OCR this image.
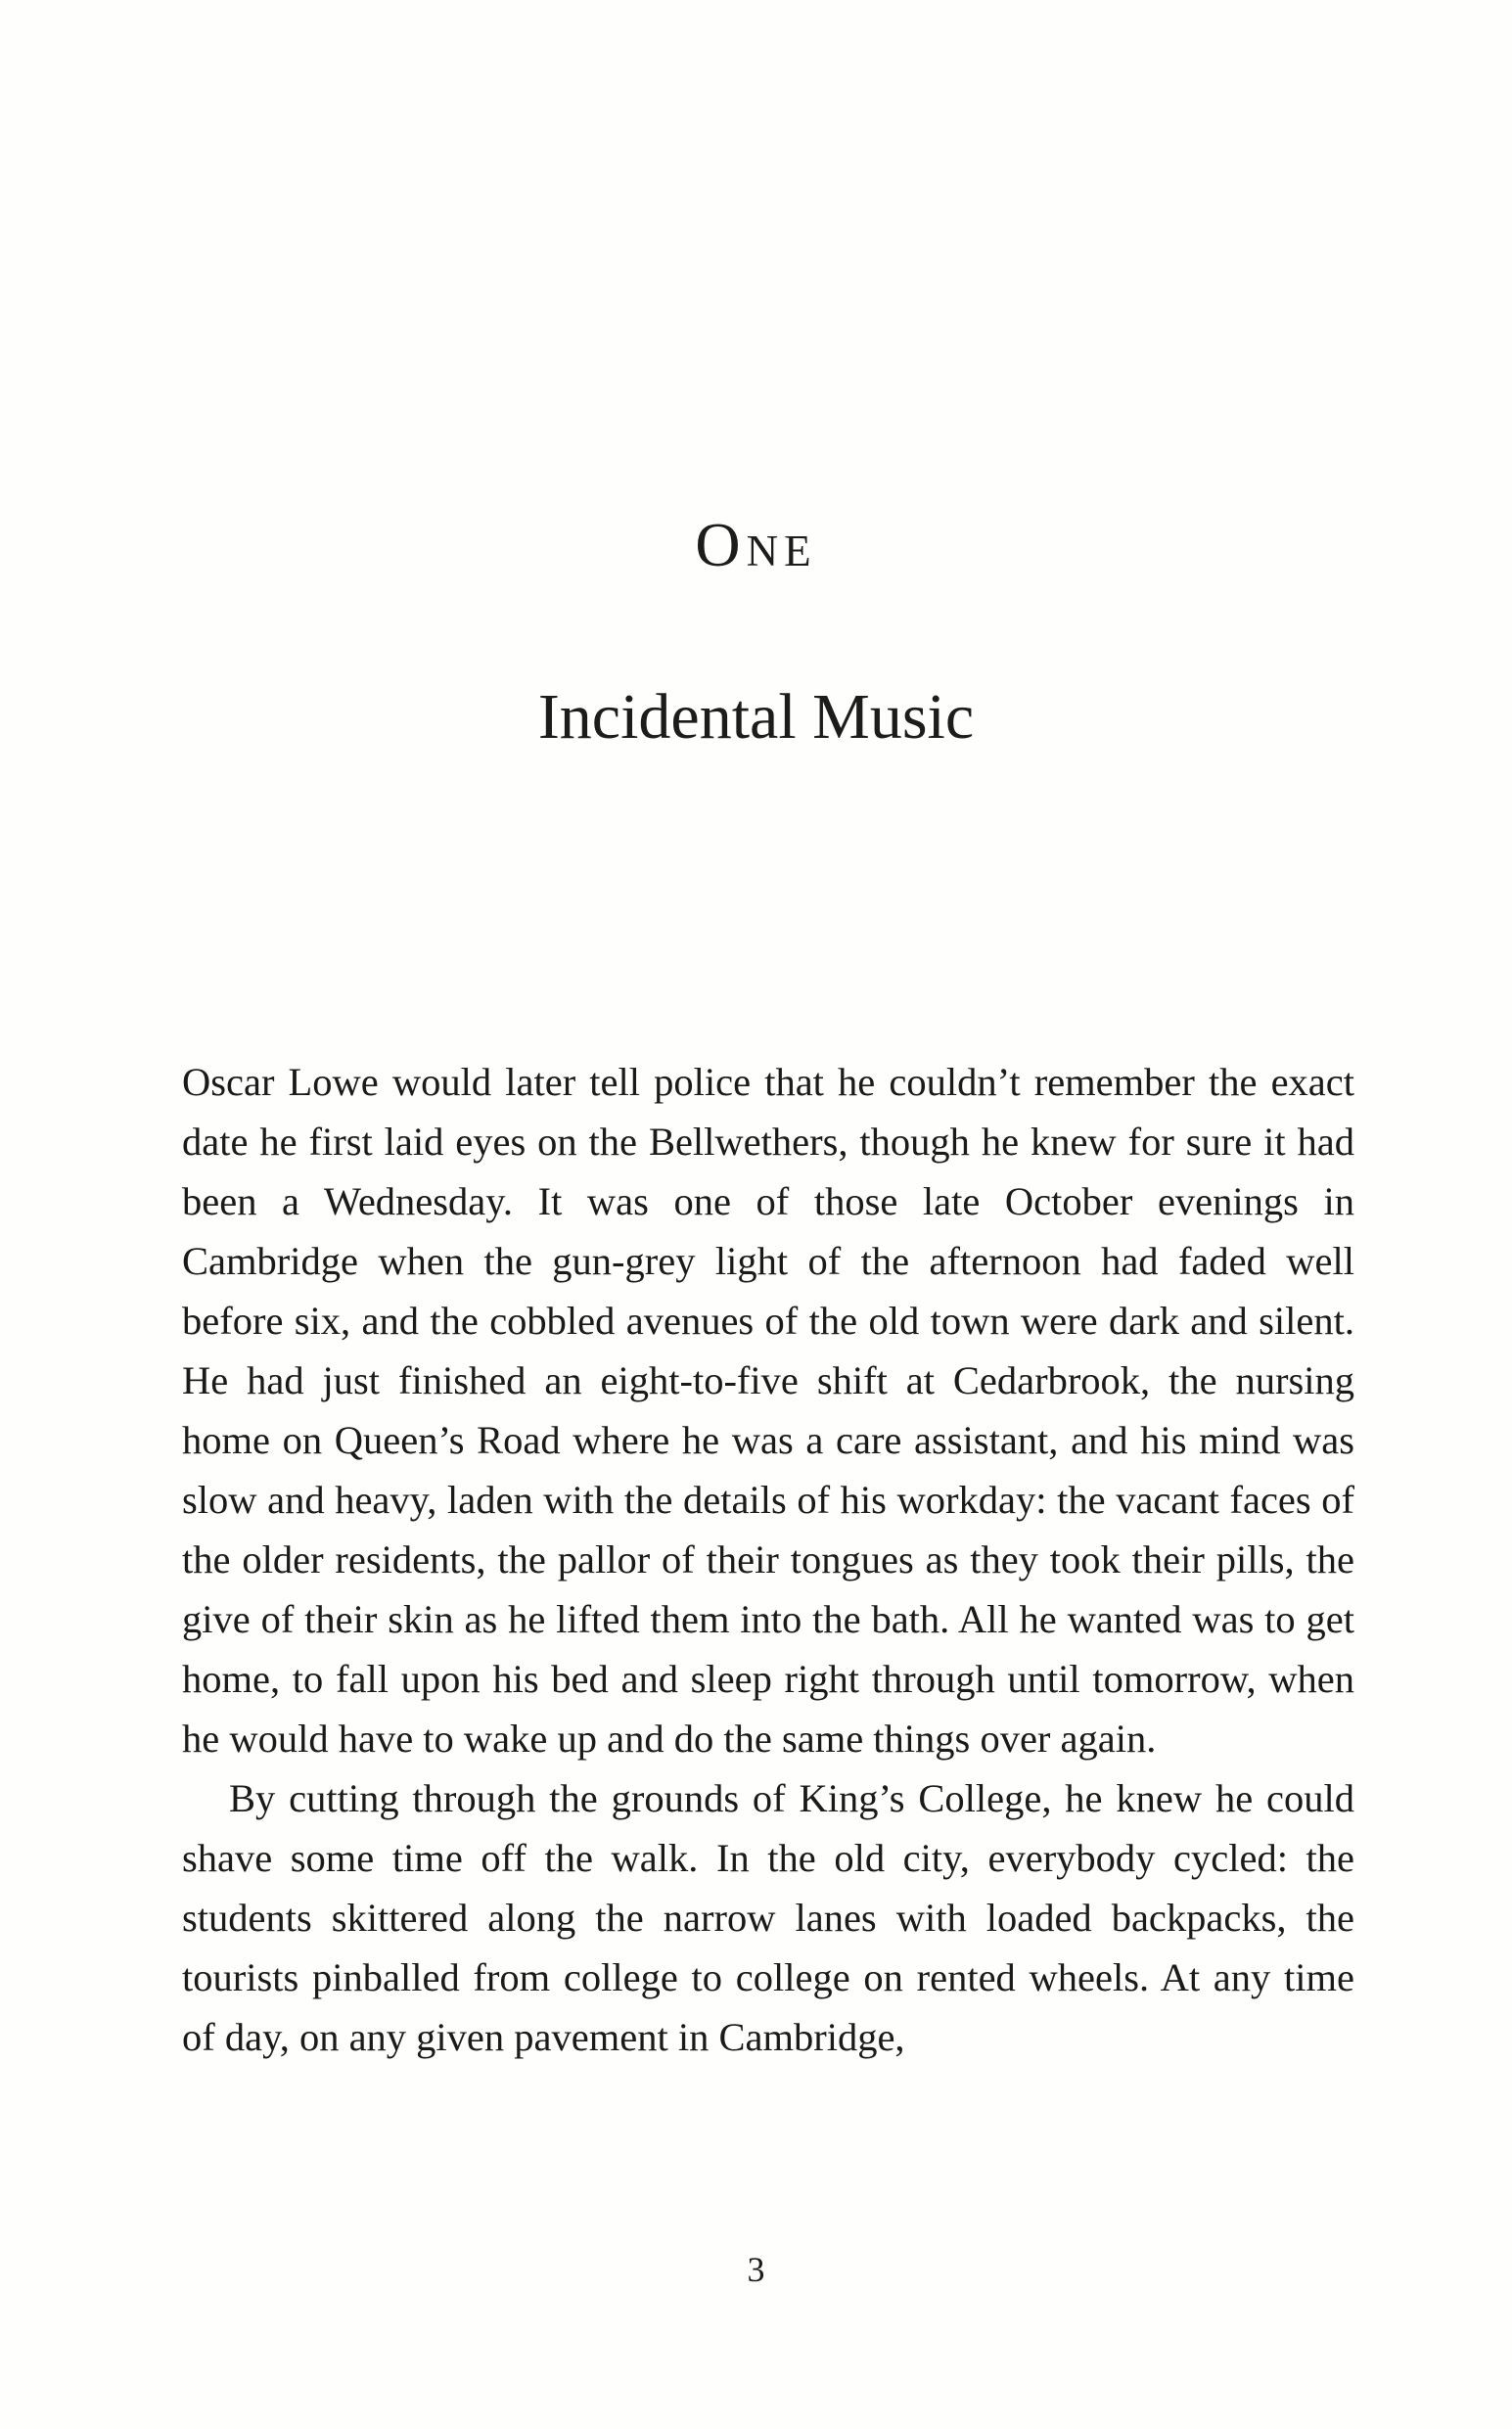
One
Incidental Music

Oscar Lowe would later tell police that he couldn’t remember the exact date he first laid eyes on the Bellwethers, though he knew for sure it had been a Wednesday. It was one of those late October evenings in Cambridge when the gun-grey light of the afternoon had faded well before six, and the cobbled avenues of the old town were dark and silent. He had just finished an eight-to-five shift at Cedarbrook, the nursing home on Queen’s Road where he was a care assistant, and his mind was slow and heavy, laden with the details of his workday: the vacant faces of the older residents, the pallor of their tongues as they took their pills, the give of their skin as he lifted them into the bath. All he wanted was to get home, to fall upon his bed and sleep right through until tomorrow, when he would have to wake up and do the same things over again.

By cutting through the grounds of King’s College, he knew he could shave some time off the walk. In the old city, everybody cycled: the students skittered along the narrow lanes with loaded backpacks, the tourists pinballed from college to college on rented wheels. At any time of day, on any given pavement in Cambridge,

3
